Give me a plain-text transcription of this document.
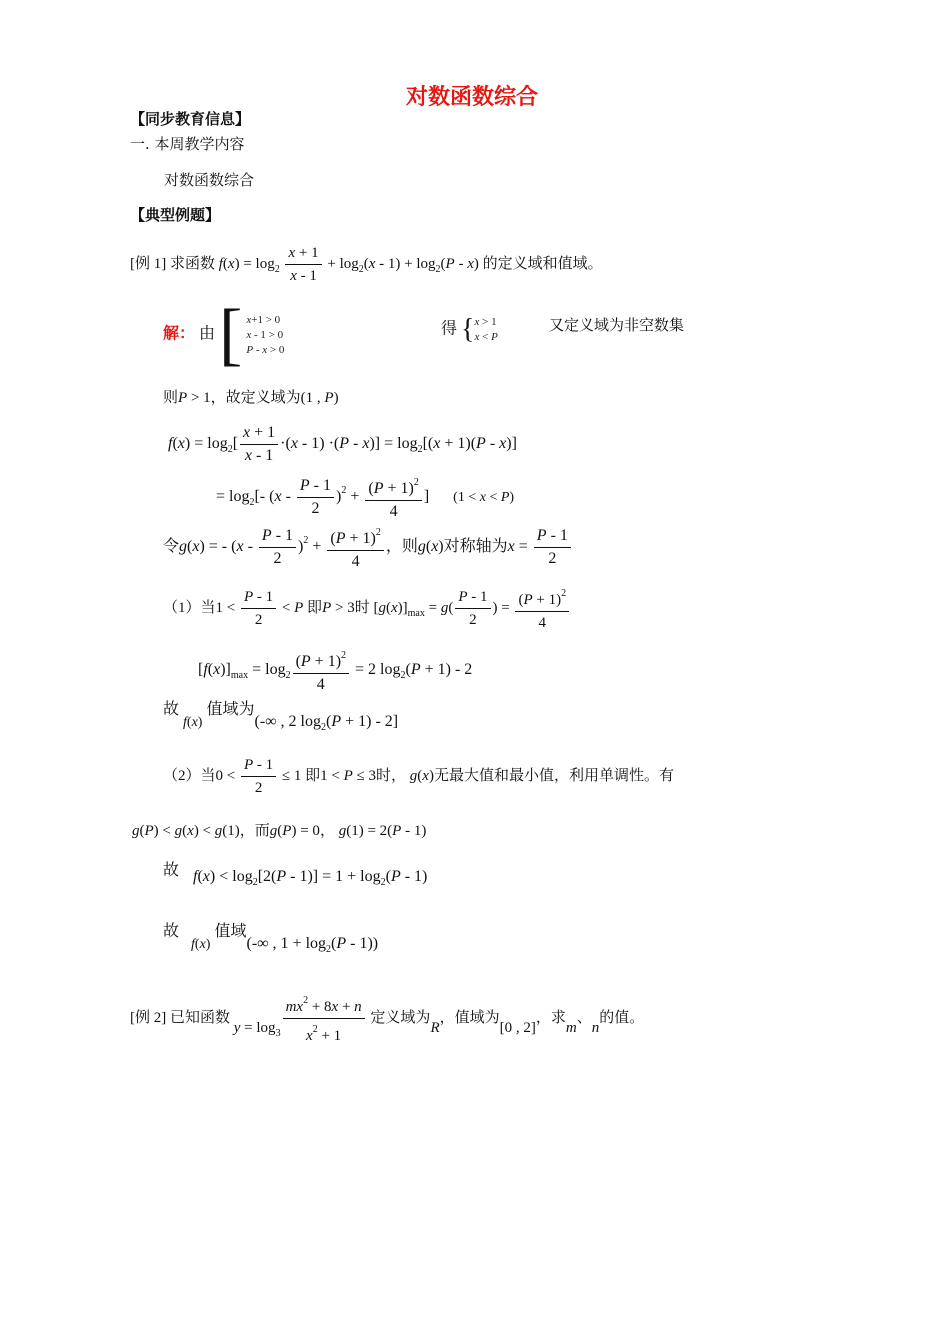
对数函数综合
【同步教育信息】
一. 本周教学内容
对数函数综合
【典型例题】
[例 1] 求函数 $f(x) = \log_2 \frac{x + 1}{x - 1} + \log_2(x - 1) + \log_2(P - x)$ 的定义域和值域。
解： 由 [ x+1 > 0
x - 1 > 0
P - x > 0
得 {x > 1
x < P
又定义域为非空数集
则P > 1，故定义域为(1 , P)
$f(x) = \log_2[ \frac{x + 1}{x - 1} \cdot(x - 1) \cdot(P - x)] = \log_2[(x + 1)(P - x)]$
= $\log_2[-$ $(x - \frac{P - 1}{2} )^2 + \frac{(P + 1)^2}{4}$ ] (1 < x < P)
令g(x) = - $(x - \frac{P - 1}{2} )^2 + \frac{(P + 1)^2}{4}$ ，则g(x)对称轴为$x = \frac{P - 1}{2}$
（1）当$1 < \frac{P - 1}{2} < P$ 即P > 3时 $[g(x)]_{max} = g( \frac{P - 1}{2}$ ) = $\frac{(P + 1)^2}{4}$
$[f(x)]_{max} = \log_2 \frac{(P + 1)^2}{4} = 2$ $\log_2(P + 1) - 2$
故 f(x) 值域为(-∞ , 2 $\log_2(P + 1) - 2$]
（2）当$0 < \frac{P - 1}{2} \le 1$ 即1 < P ≤ 3时， g(x)无最大值和最小值，利用单调性。有
g(P) < g(x) < g(1)，而g(P) = 0， g(1) = 2(P - 1)
故 $f(x) < \log_2[2(P - 1)] = 1 + \log_2(P - 1)$
故 f(x) 值域(-∞ , $1 + \log_2(P - 1)$)
[例 2] 已知函数 $y = \log_3 \frac{mx^2 + 8x + n}{x^2 + 1}$ 定义域为R，值域为[0 , 2]，求m、n的值。
